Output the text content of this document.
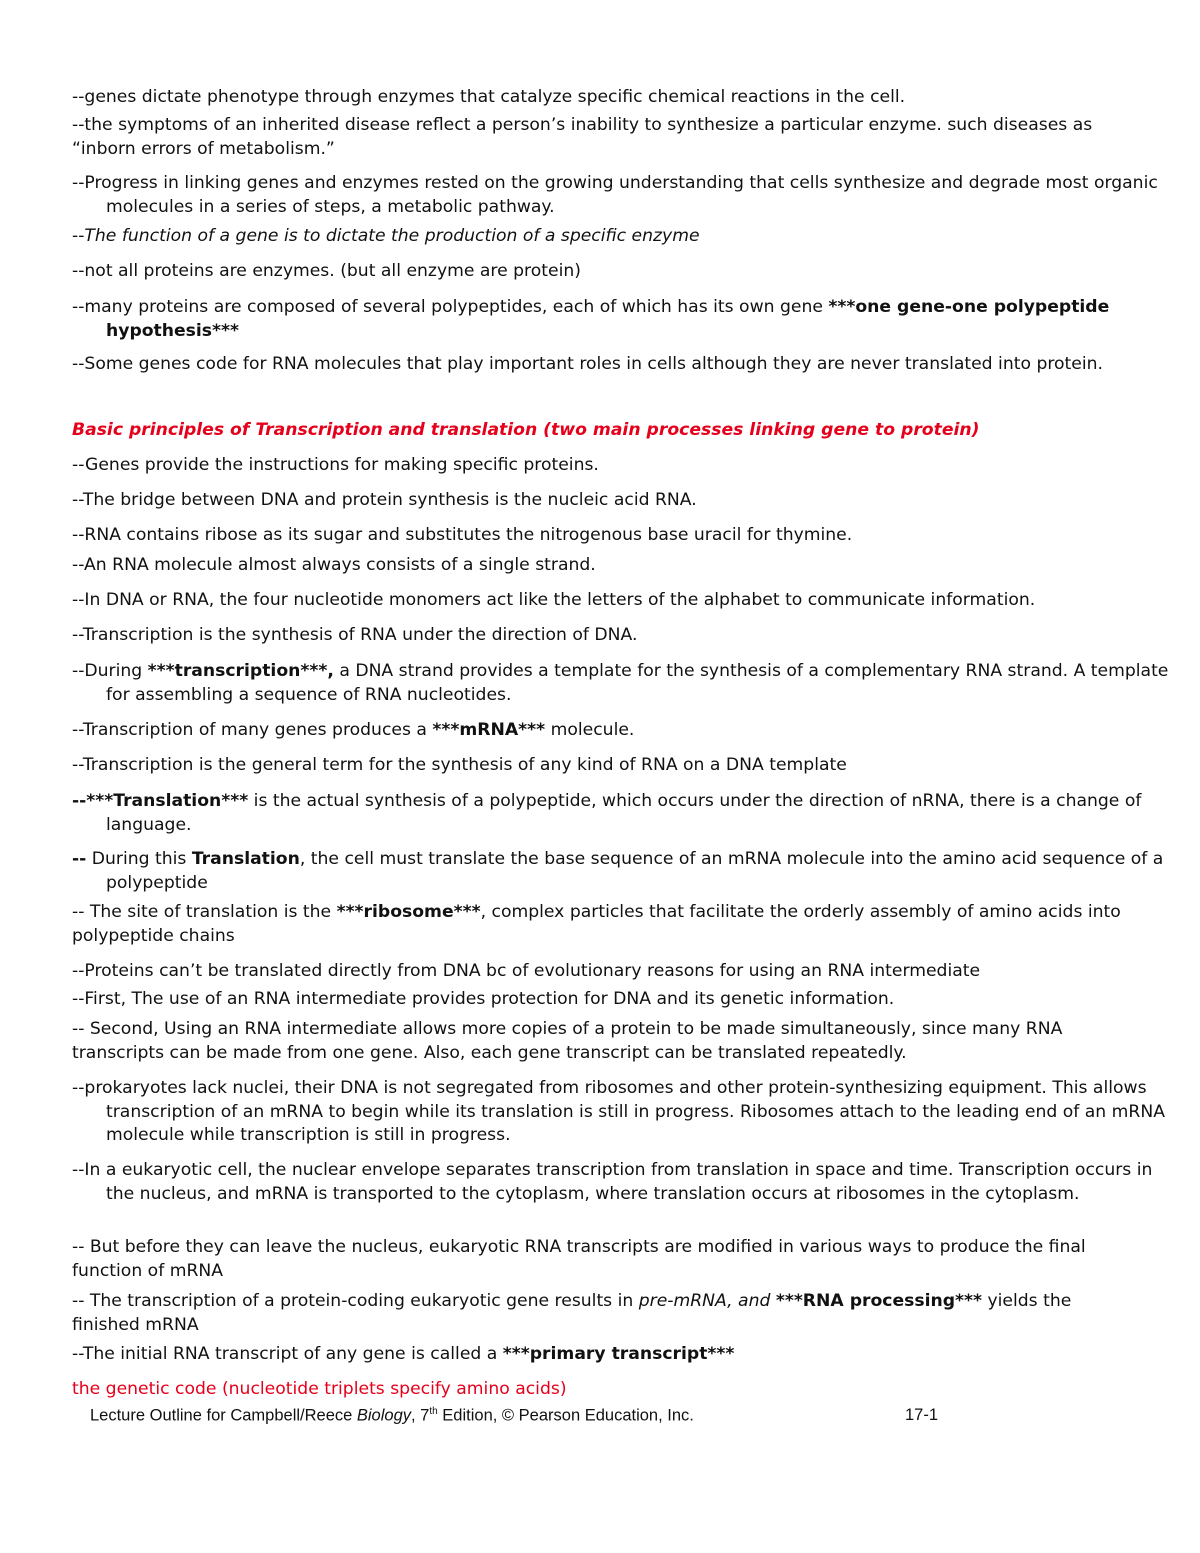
--genes dictate phenotype through enzymes that catalyze specific chemical reactions in the cell.

--the symptoms of an inherited disease reflect a person’s inability to synthesize a particular enzyme. such diseases as “inborn errors of metabolism.”

--Progress in linking genes and enzymes rested on the growing understanding that cells synthesize and degrade most organic molecules in a series of steps, a metabolic pathway.

--The function of a gene is to dictate the production of a specific enzyme

--not all proteins are enzymes. (but all enzyme are protein)

--many proteins are composed of several polypeptides, each of which has its own gene ***one gene-one polypeptide hypothesis***

--Some genes code for RNA molecules that play important roles in cells although they are never translated into protein.

Basic principles of Transcription and translation (two main processes linking gene to protein)

--Genes provide the instructions for making specific proteins.

--The bridge between DNA and protein synthesis is the nucleic acid RNA.

--RNA contains ribose as its sugar and substitutes the nitrogenous base uracil for thymine.

--An RNA molecule almost always consists of a single strand.

--In DNA or RNA, the four nucleotide monomers act like the letters of the alphabet to communicate information.

--Transcription is the synthesis of RNA under the direction of DNA.

--During ***transcription***, a DNA strand provides a template for the synthesis of a complementary RNA strand. A template for assembling a sequence of RNA nucleotides.

--Transcription of many genes produces a ***mRNA*** molecule.

--Transcription is the general term for the synthesis of any kind of RNA on a DNA template

--***Translation*** is the actual synthesis of a polypeptide, which occurs under the direction of nRNA, there is a change of language.

-- During this Translation, the cell must translate the base sequence of an mRNA molecule into the amino acid sequence of a polypeptide

-- The site of translation is the ***ribosome***, complex particles that facilitate the orderly assembly of amino acids into polypeptide chains

--Proteins can’t be translated directly from DNA bc of evolutionary reasons for using an RNA intermediate

--First, The use of an RNA intermediate provides protection for DNA and its genetic information.

-- Second, Using an RNA intermediate allows more copies of a protein to be made simultaneously, since many RNA transcripts can be made from one gene. Also, each gene transcript can be translated repeatedly.

--prokaryotes lack nuclei, their DNA is not segregated from ribosomes and other protein-synthesizing equipment. This allows transcription of an mRNA to begin while its translation is still in progress. Ribosomes attach to the leading end of an mRNA molecule while transcription is still in progress.

--In a eukaryotic cell, the nuclear envelope separates transcription from translation in space and time. Transcription occurs in the nucleus, and mRNA is transported to the cytoplasm, where translation occurs at ribosomes in the cytoplasm.

-- But before they can leave the nucleus, eukaryotic RNA transcripts are modified in various ways to produce the final function of mRNA

-- The transcription of a protein-coding eukaryotic gene results in pre-mRNA, and ***RNA processing*** yields the finished mRNA

--The initial RNA transcript of any gene is called a ***primary transcript***

the genetic code (nucleotide triplets specify amino acids)

Lecture Outline for Campbell/Reece Biology, 7th Edition, © Pearson Education, Inc.	17-1
